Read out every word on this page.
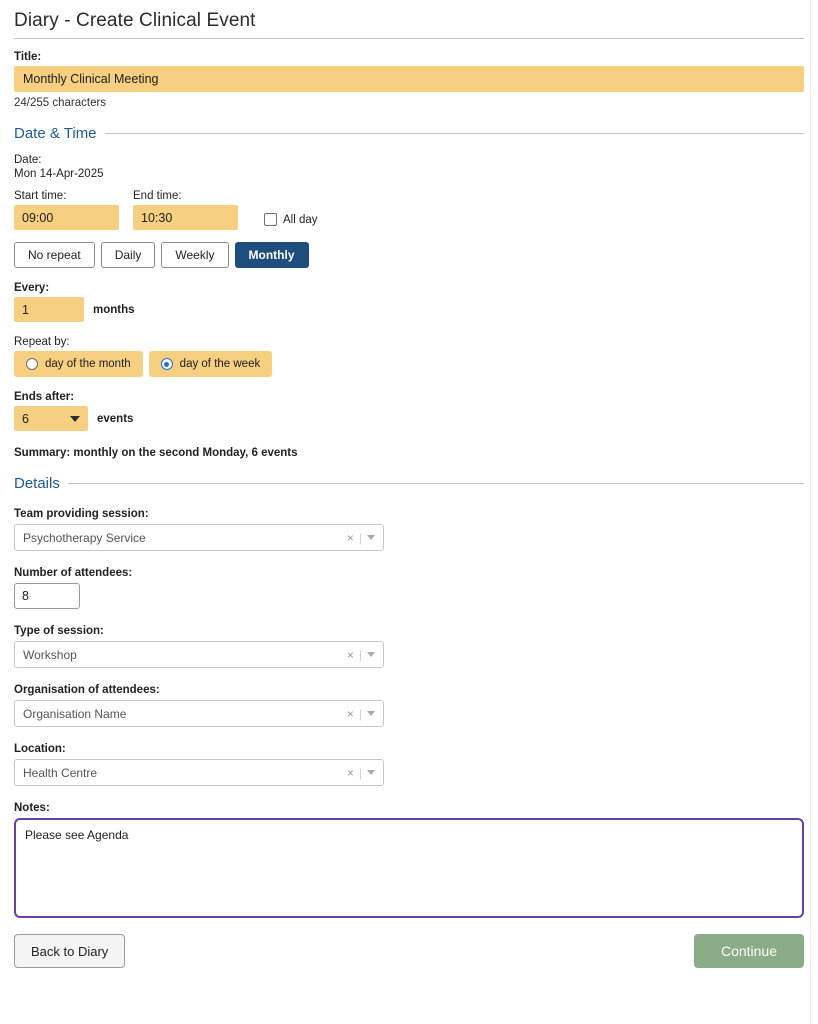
Diary - Create Clinical Event
Title:
Monthly Clinical Meeting
24/255 characters
Date & Time
Date:
Mon 14-Apr-2025
Start time:
09:00
End time:
10:30	All day
No repeat	Daily	Weekly	Monthly
Every:
1	months
Repeat by:
day of the month	day of the week
Ends after:
6	events
Summary: monthly on the second Monday, 6 events
Details
Team providing session:
Psychotherapy Service	× |
Number of attendees:
8
Type of session:
Workshop	× |
Organisation of attendees:
Organisation Name	× |
Location:
Health Centre	× |
Notes:
Please see Agenda
Back to Diary	Continue
